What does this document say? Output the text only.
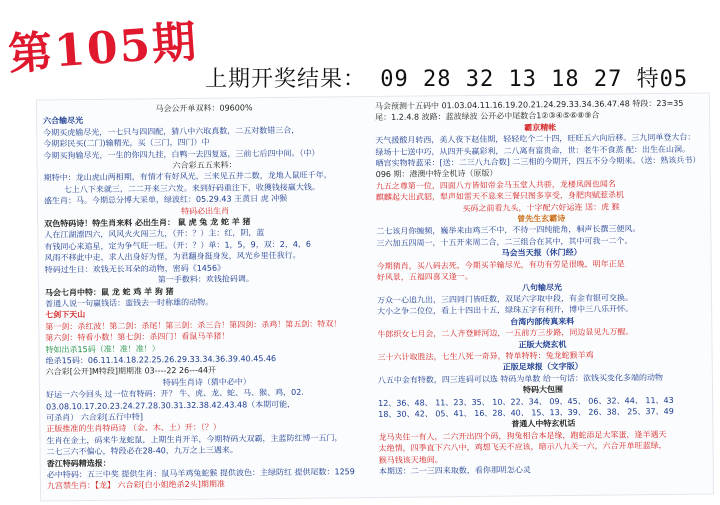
第105期 上期开奖结果： 09 28 32 13 18 27 特05
马会公开单双料：09600%
六合输尽光
今期买虎输尽光，一七只与四四配，猜八中六取真数，二五对数错三合，
今期彩民买(二门)输精光，买（三门，四门）中
今期买狗输尽光，一生的你四九挂，白鸭一去四复返，三前七后四中间。（中）
六合彩五五来料：
期特中：龙山虎山两相期，有情才有好风光，三来见五并二数，龙地人鼠旺千年，
七上八下来就三，二二开来三六发。来到好码重注下，收獲钱接赢大钱。
盛生肖：马。今期总分博大采单，绿波红：05.29.43 王黄日 虎 冲猴
特码必出生肖
双色特码诗！特生肖来料 必出生肖： 鼠 虎 兔 龙 蛇 羊 猪
人在江湖漂四六，风风火火闯三九，（开：？）主：红，阴，蓝
有钱同心来追星，定为争气旺一旺。（开：？）单：1，5，9，双：2，4，6
风雨不移此中走，求人出身好为怪，为君翻身挺身发，风光乡里任我行。
特码过生日：欢钱无长耳朵的动物，密码《1456》
第一手数料：欢钱抢码调。
马会七肖中特：鼠 龙 蛇 鸡 羊 狗 猪
普通人说一句赢钱话：蛮钱去一时称雄的动物。
七剑下天山
第一剑：杀红波！第二剑：杀尾！第三剑：杀三合！第四剑：杀鸡！第五剑：特双！
第六剑：特看小数！第七剑：杀四门！看鼠马羊猪！
特如出杀15码（准！准！准！）
绝杀15码：06.11.14.18.22.25.26.29.33.34.36.39.40.45.46
六合彩[公开]M特段]期期准 03----22 26---44开
特码生肖诗（猜中必中）
好运一六今回头 过一位有特码：开？ 牛、虎、龙、蛇、马、猴、鸡，02.
03.08.10.17.20.23.24.27.28.30.31.32.38.42.43.48（本期可能，
可杀肖） 六合彩[五行中特]
正版推准的生肖特码诗 （金、木、土）开：（？）
生肖在金土，码来牛龙蛇鼠，上期生肖开羊，今期特码大双霸，主蓝防红博一五门，
二七三六不偏心，特段必在28-40，九万之上三遇来。
香江特码精选报：
必中特码：五三中奖 提供生肖：鼠马羊鸡兔蛇猴 提供波色：主绿防红 提供尾数：1259
九宫禁生肖：【龙】 六合彩[白小姐绝杀2头]期期准
马会预测十五码中 01.03.04.11.16.19.20.21.24.29.33.34.36.47.48 特段：23=35
尾：1.2.4.8 波路：蓝波绿波 公开必中尾数合1②③④⑤⑥⑧⑨合
霸京精帐
天气援酸月转西，美人夜下赵佳期，轻轻吃个二十四，旺旺五六向后移。三九同单登大台：
绿场十七送中巧，从四开头赢彩利，二八离有富贵命，世：老牛不食蒸 配：出生在山洞。
晒宫实物特蓝采：[送：二三八九合数] 二三相的今期开，四五不分今期来。（送：熟该兵书）
096 期：港澳中特全机诗（原版）
九五之尊第一位，四面八方皆如帝金马玉堂人共骄，龙楼凤阁也闻名
麒麟起大出武貂，犁声如雷天不息来三餐只图多享受，身肥肉赋惹杀机
买码之前看九头，十字配六好运连 送：虎 猴
曾先生玄霸诗
二七该月你缠频，巍举来由鸡三不中，不待一四纯能角，桐声长撰三便风。
三六加五四周一，十五开来周二合，二三组合在其中，其中可我一二个。
马会当天报（休门经）
今期猜肖，买八码去死，今期买羊输尽光，有功有劳是很晚，明年正是
好风景，五福四喜又逢一。
八句输尽光
万众一心追九出，三四同门皆旺数，双尾六字取中段，有金有银可交换。
大小之争二位位，看上十四出十五，绿珠五字有利开，博中三八乐开怀。
台湾内部传真来料
牛郎织女七月会，二人齐登鲜河边，一五前方三步路，同边显见九万醒。
正版大烧玄机
三十六计取胜法，七生八死一奇异，特单特特：兔龙蛇猴羊鸡
正版足球报（文字版）
八五中金有特数，四三连码可以选 特码为单数 给一句话：欲钱买变化多端的动物
特码大包围
12、36、48、 11、23、35、 10、22、34、 09、45、 06、32、44、 11、43
18、30、42、 05、41、 16、28、40、 15、13、39、 26、38、 25、37、49
普通人中特玄机话
龙马夹住一有人，二六开出四个码，狗兔相合本是缘，跑蛇添足大笨蛋，逢羊遇天
太绝情，四季直下六八中，鸡想飞天不应该，暗示八九关一六，六合开单旺蓝绿，
猴马钱该天地间。
本期送：二一三四来取数，看你那明怎心灵
